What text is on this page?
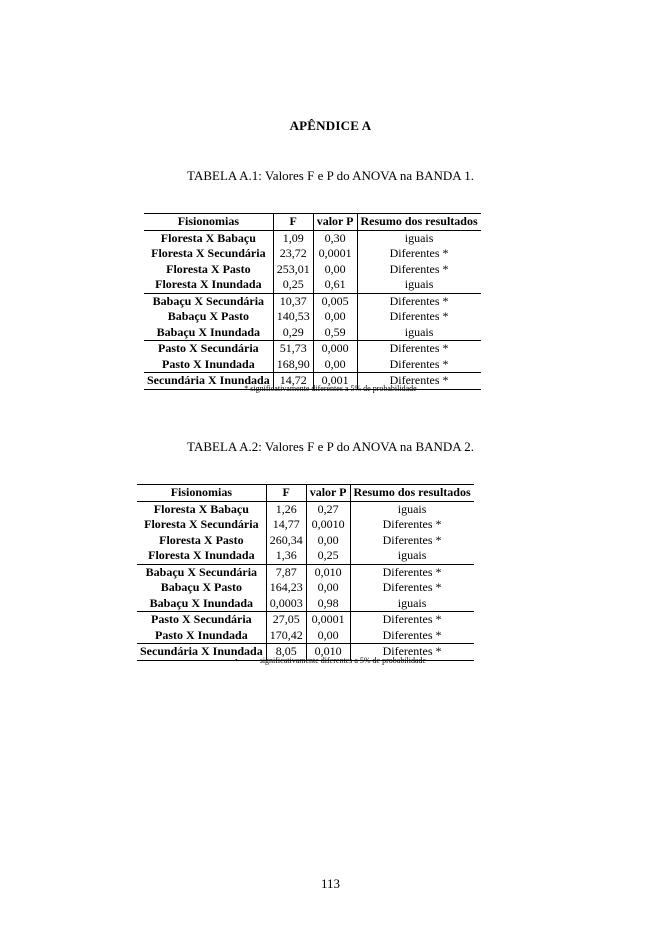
APÊNDICE A
TABELA A.1: Valores F e P do ANOVA na BANDA 1.
Fisionomias	F	valor P	Resumo dos resultados
Floresta X Babaçu	1,09	0,30	iguais
Floresta X Secundária	23,72	0,0001	Diferentes *
Floresta X Pasto	253,01	0,00	Diferentes *
Floresta X Inundada	0,25	0,61	iguais
Babaçu X Secundária	10,37	0,005	Diferentes *
Babaçu X Pasto	140,53	0,00	Diferentes *
Babaçu X Inundada	0,29	0,59	iguais
Pasto X Secundária	51,73	0,000	Diferentes *
Pasto X Inundada	168,90	0,00	Diferentes *
Secundária X Inundada	14,72	0,001	Diferentes *
* significativamente diferentes a 5% de probabilidade
TABELA A.2: Valores F e P do ANOVA na BANDA 2.
Fisionomias	F	valor P	Resumo dos resultados
Floresta X Babaçu	1,26	0,27	iguais
Floresta X Secundária	14,77	0,0010	Diferentes *
Floresta X Pasto	260,34	0,00	Diferentes *
Floresta X Inundada	1,36	0,25	iguais
Babaçu X Secundária	7,87	0,010	Diferentes *
Babaçu X Pasto	164,23	0,00	Diferentes *
Babaçu X Inundada	0,0003	0,98	iguais
Pasto X Secundária	27,05	0,0001	Diferentes *
Pasto X Inundada	170,42	0,00	Diferentes *
Secundária X Inundada	8,05	0,010	Diferentes *
•	significativamente diferentes a 5% de probabilidade
113
